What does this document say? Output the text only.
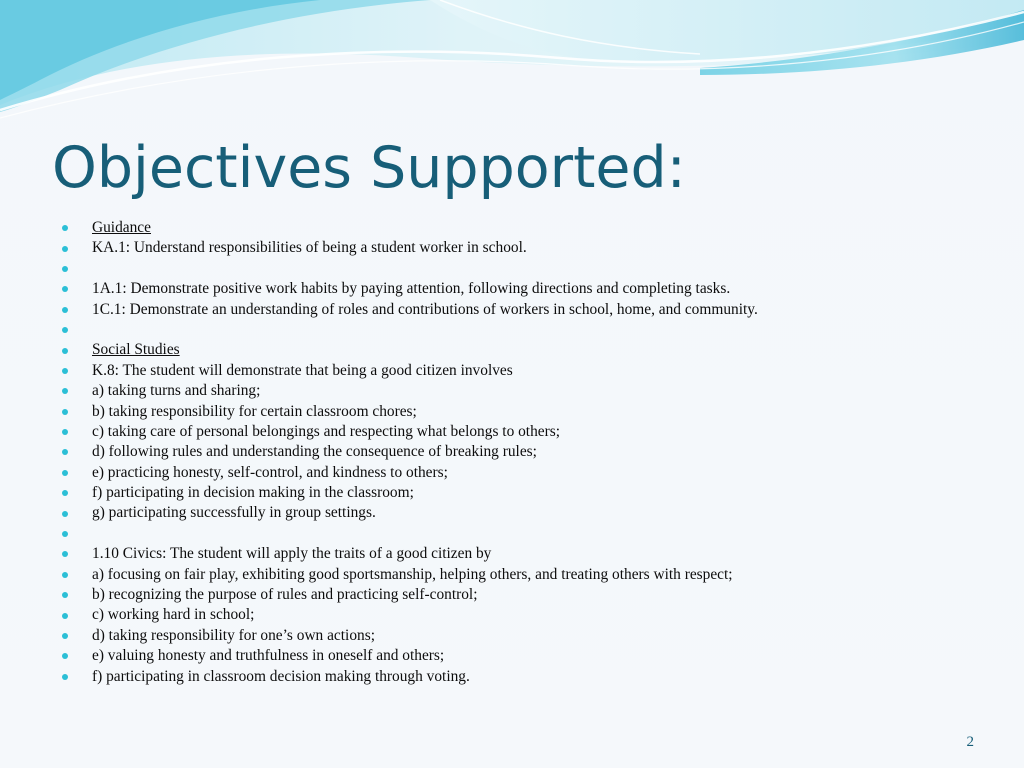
Objectives Supported:
Guidance
KA.1: Understand responsibilities of being a student worker in school.
1A.1: Demonstrate positive work habits by paying attention, following directions and completing tasks.
1C.1: Demonstrate an understanding of roles and contributions of workers in school, home, and community.
Social Studies
K.8: The student will demonstrate that being a good citizen involves
a) taking turns and sharing;
b) taking responsibility for certain classroom chores;
c) taking care of personal belongings and respecting what belongs to others;
d) following rules and understanding the consequence of breaking rules;
e) practicing honesty, self-control, and kindness to others;
f) participating in decision making in the classroom;
g) participating successfully in group settings.
1.10 Civics: The student will apply the traits of a good citizen by
a) focusing on fair play, exhibiting good sportsmanship, helping others, and treating others with respect;
b) recognizing the purpose of rules and practicing self-control;
c) working hard in school;
d) taking responsibility for one’s own actions;
e) valuing honesty and truthfulness in oneself and others;
f) participating in classroom decision making through voting.
2
